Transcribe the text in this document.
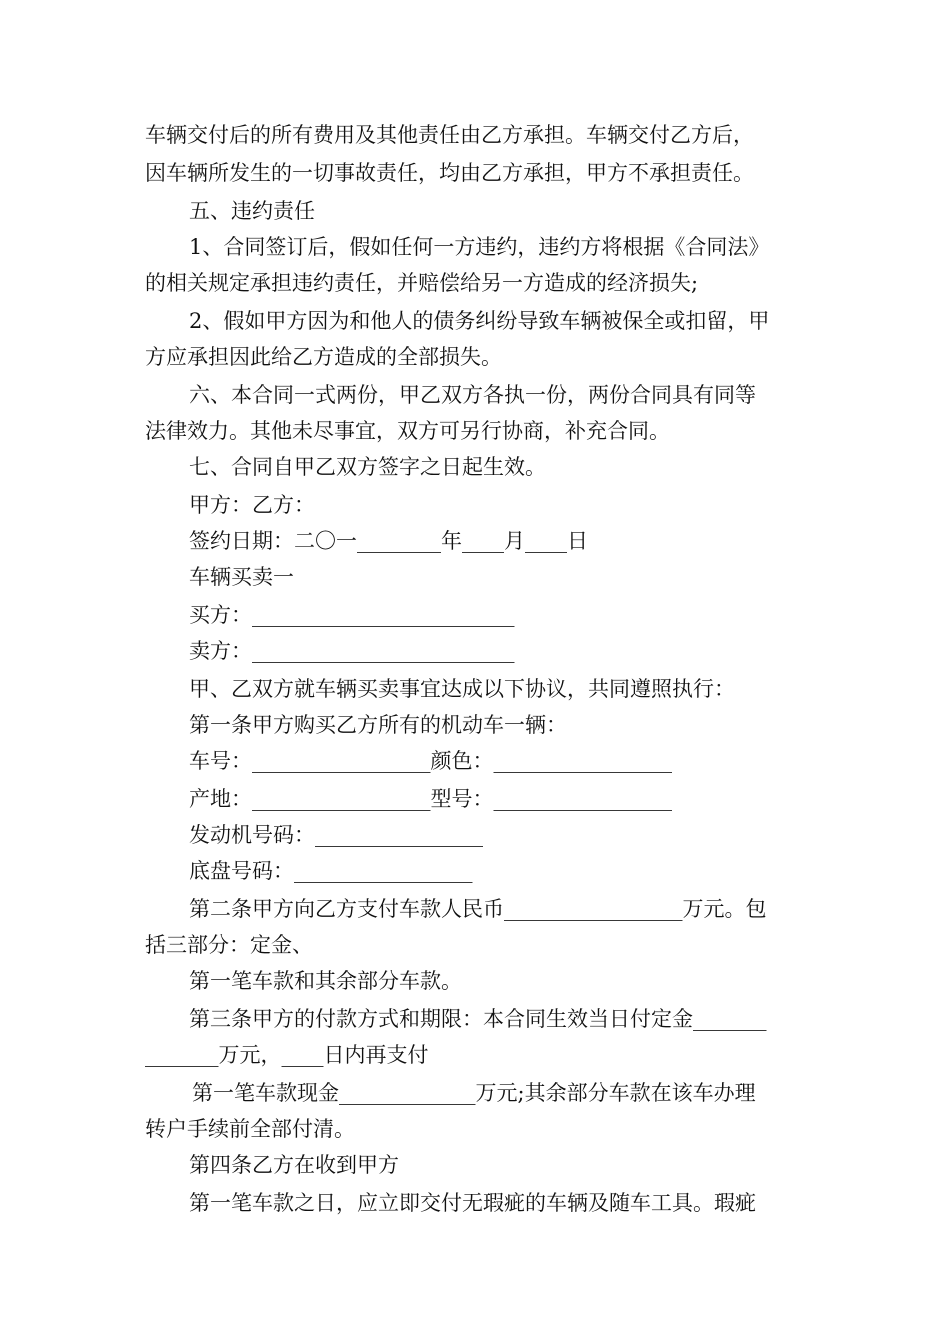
车辆交付后的所有费用及其他责任由乙方承担。车辆交付乙方后，
因车辆所发生的一切事故责任，均由乙方承担，甲方不承担责任。
五、违约责任
1、合同签订后，假如任何一方违约，违约方将根据《合同法》
的相关规定承担违约责任，并赔偿给另一方造成的经济损失;
2、假如甲方因为和他人的债务纠纷导致车辆被保全或扣留，甲
方应承担因此给乙方造成的全部损失。
六、本合同一式两份，甲乙双方各执一份，两份合同具有同等
法律效力。其他未尽事宜，双方可另行协商，补充合同。
七、合同自甲乙双方签字之日起生效。
甲方：乙方：
签约日期：二〇一________年____月____日
车辆买卖一
买方：_________________________
卖方：_________________________
甲、乙双方就车辆买卖事宜达成以下协议，共同遵照执行：
第一条甲方购买乙方所有的机动车一辆：
车号：_________________颜色：_________________
产地：_________________型号：_________________
发动机号码：________________
底盘号码：_________________
第二条甲方向乙方支付车款人民币_________________万元。包
括三部分：定金、
第一笔车款和其余部分车款。
第三条甲方的付款方式和期限：本合同生效当日付定金_______
_______万元，____日内再支付
第一笔车款现金_____________万元;其余部分车款在该车办理
转户手续前全部付清。
第四条乙方在收到甲方
第一笔车款之日，应立即交付无瑕疵的车辆及随车工具。瑕疵
